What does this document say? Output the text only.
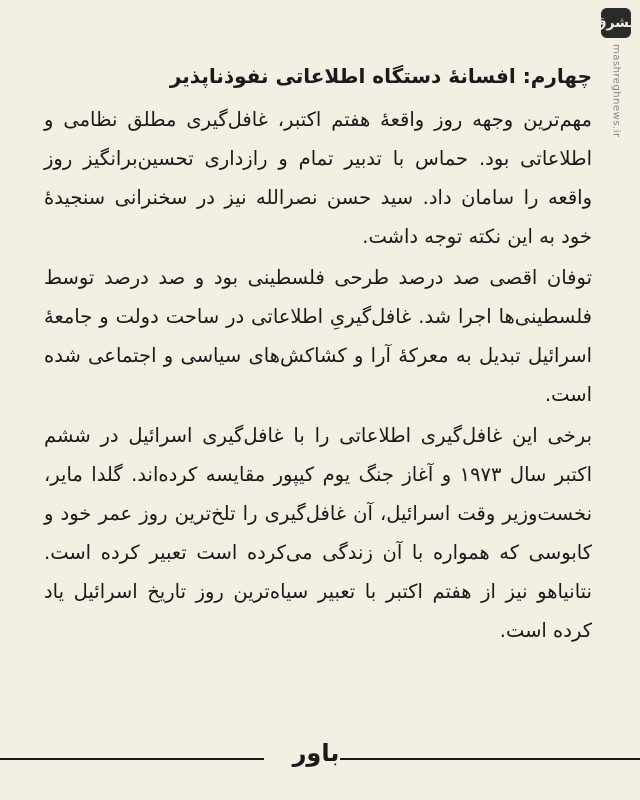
مشرق
mashreghnews.ir
چهارم: افسانهٔ دستگاه اطلاعاتی نفوذناپذیر

مهم‌ترین وجهه روز واقعهٔ هفتم اکتبر، غافل‌گیری مطلق نظامی و اطلاعاتی بود. حماس با تدبیر تمام و رازداری تحسین‌برانگیز روز واقعه را سامان داد. سید حسن نصرالله نیز در سخنرانی سنجیدهٔ خود به این نکته توجه داشت.

توفان اقصی صد درصد طرحی فلسطینی بود و صد درصد توسط فلسطینی‌ها اجرا شد. غافل‌گیریِ اطلاعاتی در ساحت دولت و جامعهٔ اسرائیل تبدیل به معرکهٔ آرا و کشاکش‌های سیاسی و اجتماعی شده است.

برخی این غافل‌گیری اطلاعاتی را با غافل‌گیری اسرائیل در ششم اکتبر سال ۱۹۷۳ و آغاز جنگ یوم کیپور مقایسه کرده‌اند. گلدا مایر، نخست‌وزیر وقت اسرائیل، آن غافل‌گیری را تلخ‌ترین روز عمر خود و کابوسی که همواره با آن زندگی می‌کرده است تعبیر کرده است. نتانیاهو نیز از هفتم اکتبر با تعبیر سیاه‌ترین روز تاریخ اسرائیل یاد کرده است.

باور
